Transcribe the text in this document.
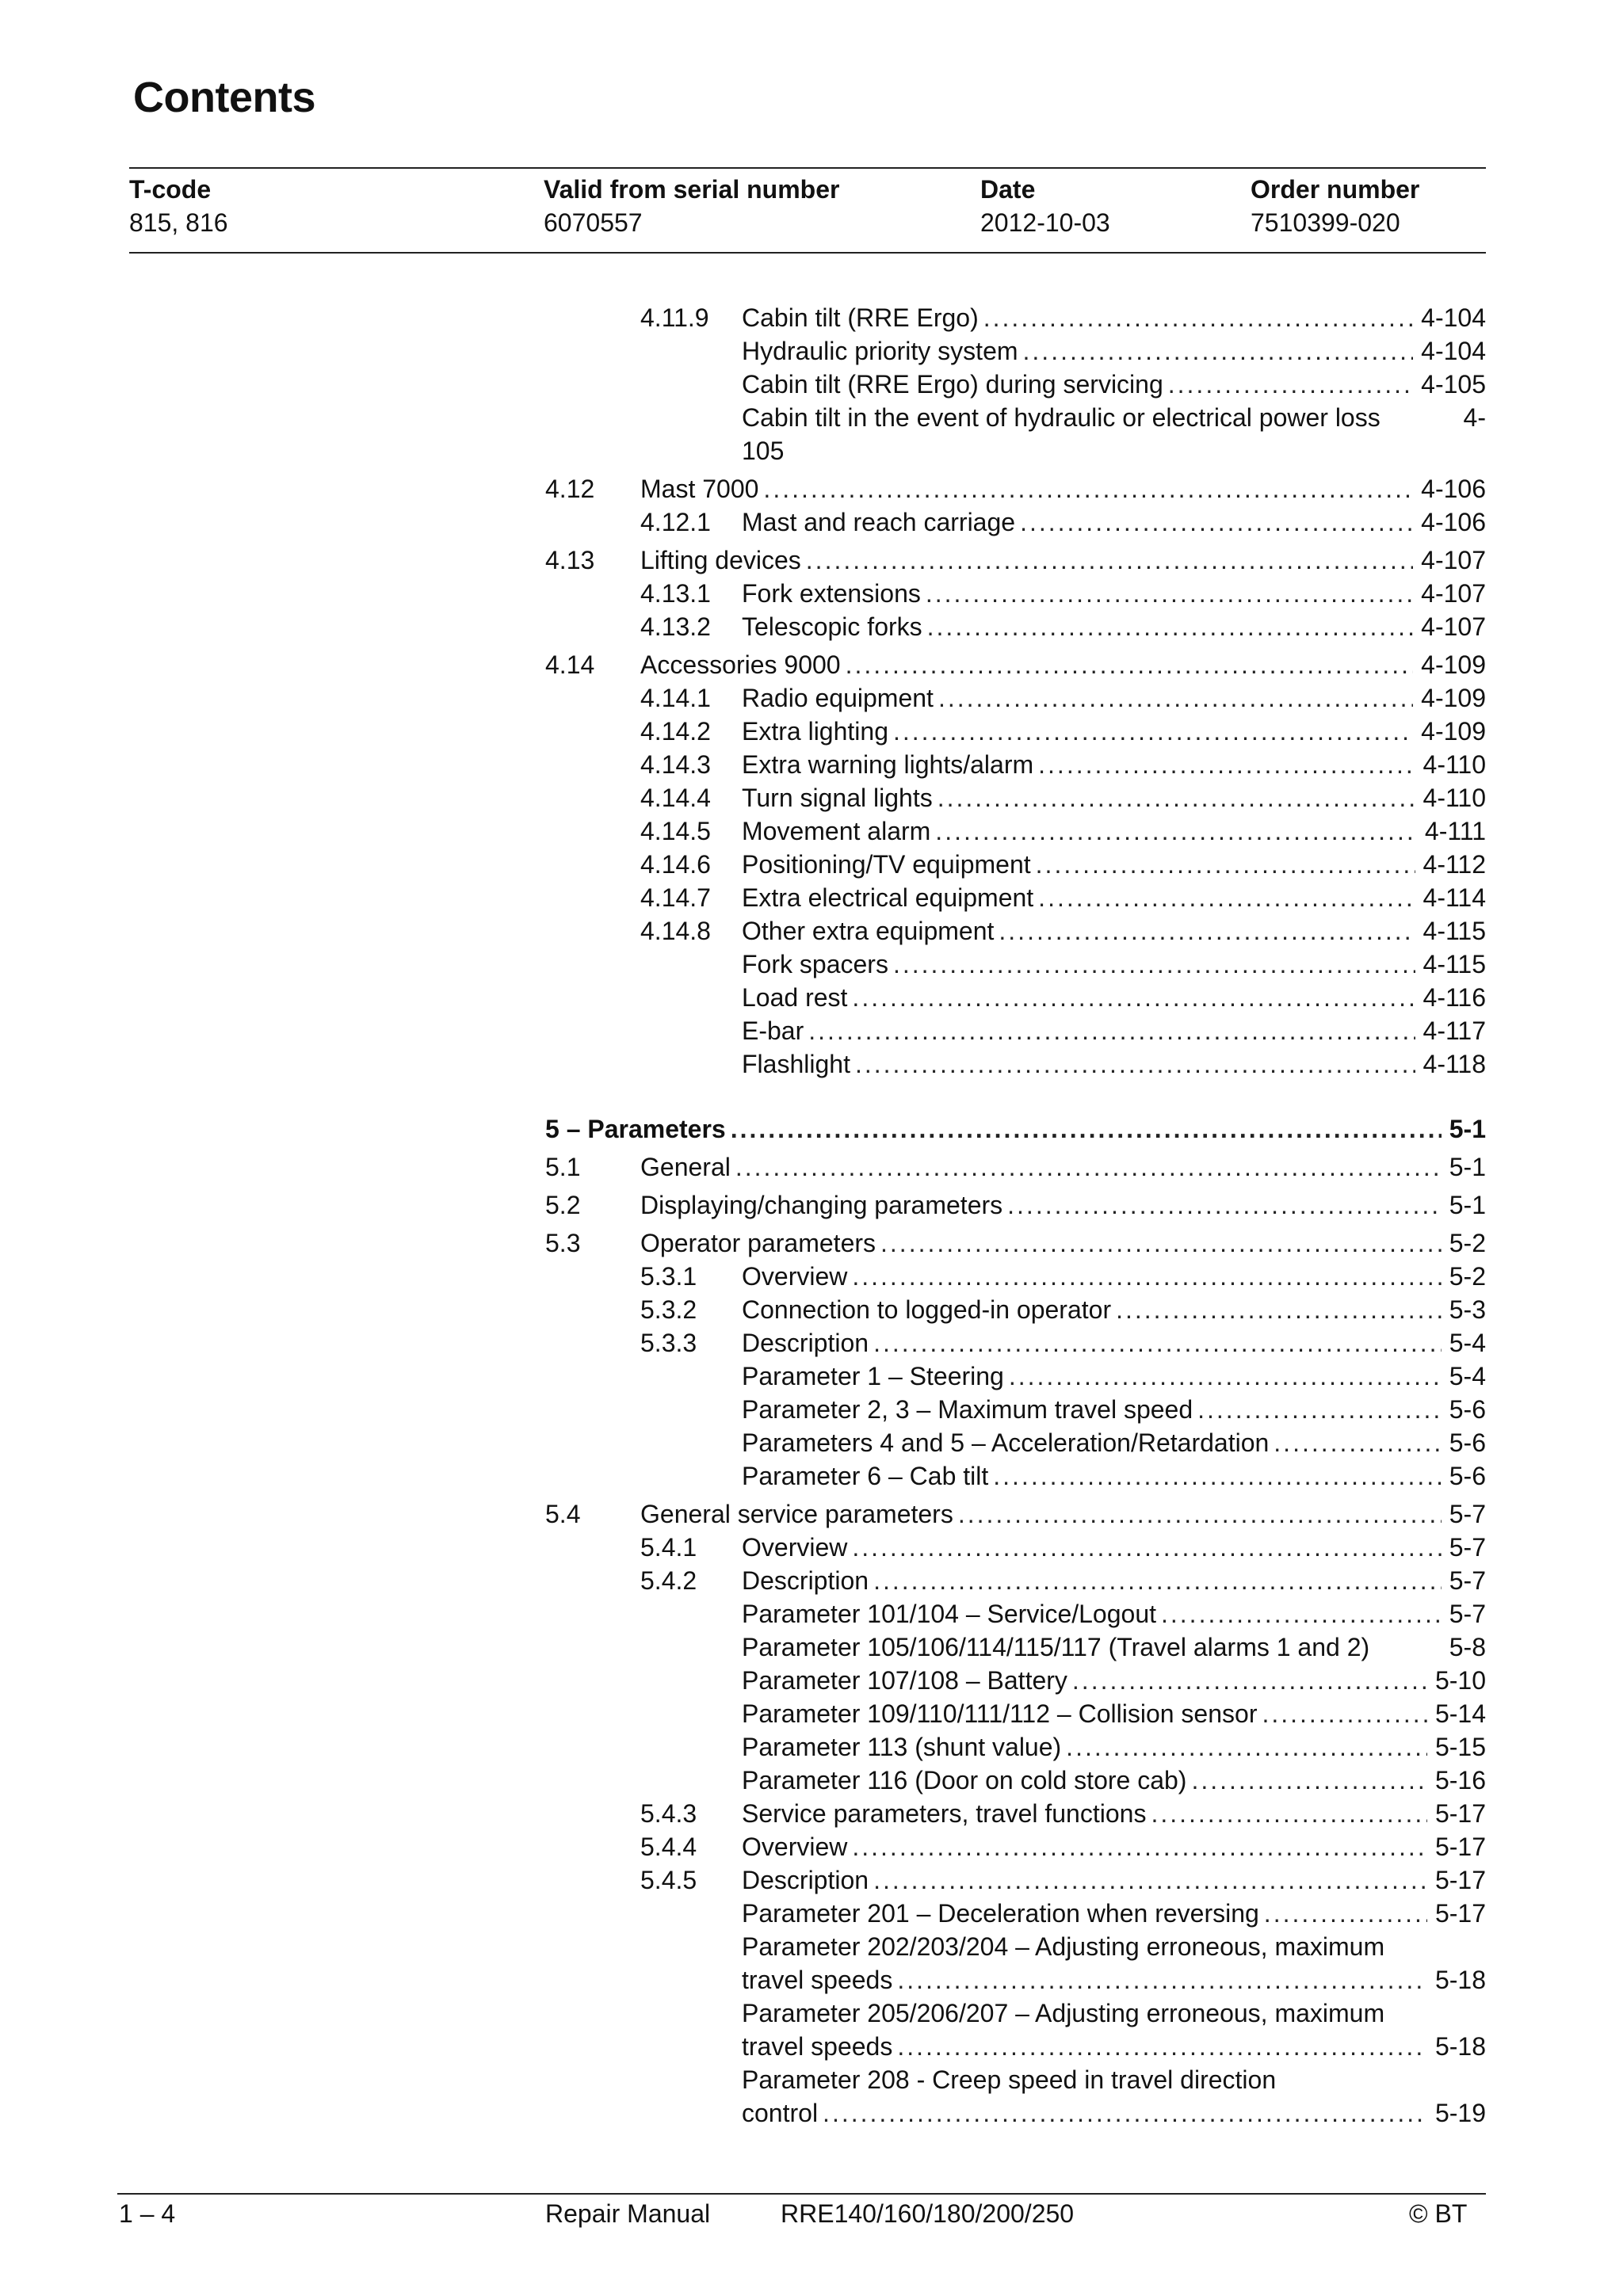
Contents
T-code
815, 816
Valid from serial number
6070557
Date
2012-10-03
Order number
7510399-020
4.11.9 Cabin tilt (RRE Ergo) .....	4-104
Hydraulic priority system .....	4-104
Cabin tilt (RRE Ergo) during servicing .....	4-105
Cabin tilt in the event of hydraulic or electrical power loss	4-
105
4.12 Mast 7000 .....	4-106
4.12.1 Mast and reach carriage .....	4-106
4.13 Lifting devices .....	4-107
4.13.1 Fork extensions .....	4-107
4.13.2 Telescopic forks .....	4-107
4.14 Accessories 9000 .....	4-109
4.14.1 Radio equipment .....	4-109
4.14.2 Extra lighting .....	4-109
4.14.3 Extra warning lights/alarm .....	4-110
4.14.4 Turn signal lights .....	4-110
4.14.5 Movement alarm .....	4-111
4.14.6 Positioning/TV equipment .....	4-112
4.14.7 Extra electrical equipment .....	4-114
4.14.8 Other extra equipment .....	4-115
Fork spacers .....	4-115
Load rest .....	4-116
E-bar .....	4-117
Flashlight .....	4-118
5 – Parameters .....	5-1
5.1 General .....	5-1
5.2 Displaying/changing parameters .....	5-1
5.3 Operator parameters .....	5-2
5.3.1 Overview .....	5-2
5.3.2 Connection to logged-in operator .....	5-3
5.3.3 Description .....	5-4
Parameter 1 – Steering .....	5-4
Parameter 2, 3 – Maximum travel speed .....	5-6
Parameters 4 and 5 – Acceleration/Retardation .....	5-6
Parameter 6 – Cab tilt .....	5-6
5.4 General service parameters .....	5-7
5.4.1 Overview .....	5-7
5.4.2 Description .....	5-7
Parameter 101/104 – Service/Logout .....	5-7
Parameter 105/106/114/115/117 (Travel alarms 1 and 2)	5-8
Parameter 107/108 – Battery .....	5-10
Parameter 109/110/111/112 – Collision sensor .....	5-14
Parameter 113 (shunt value) .....	5-15
Parameter 116 (Door on cold store cab) .....	5-16
5.4.3 Service parameters, travel functions .....	5-17
5.4.4 Overview .....	5-17
5.4.5 Description .....	5-17
Parameter 201 – Deceleration when reversing .....	5-17
Parameter 202/203/204 – Adjusting erroneous, maximum
travel speeds .....	5-18
Parameter 205/206/207 – Adjusting erroneous, maximum
travel speeds .....	5-18
Parameter 208 - Creep speed in travel direction
control .....	5-19
1 – 4	Repair Manual	RRE140/160/180/200/250	© BT
